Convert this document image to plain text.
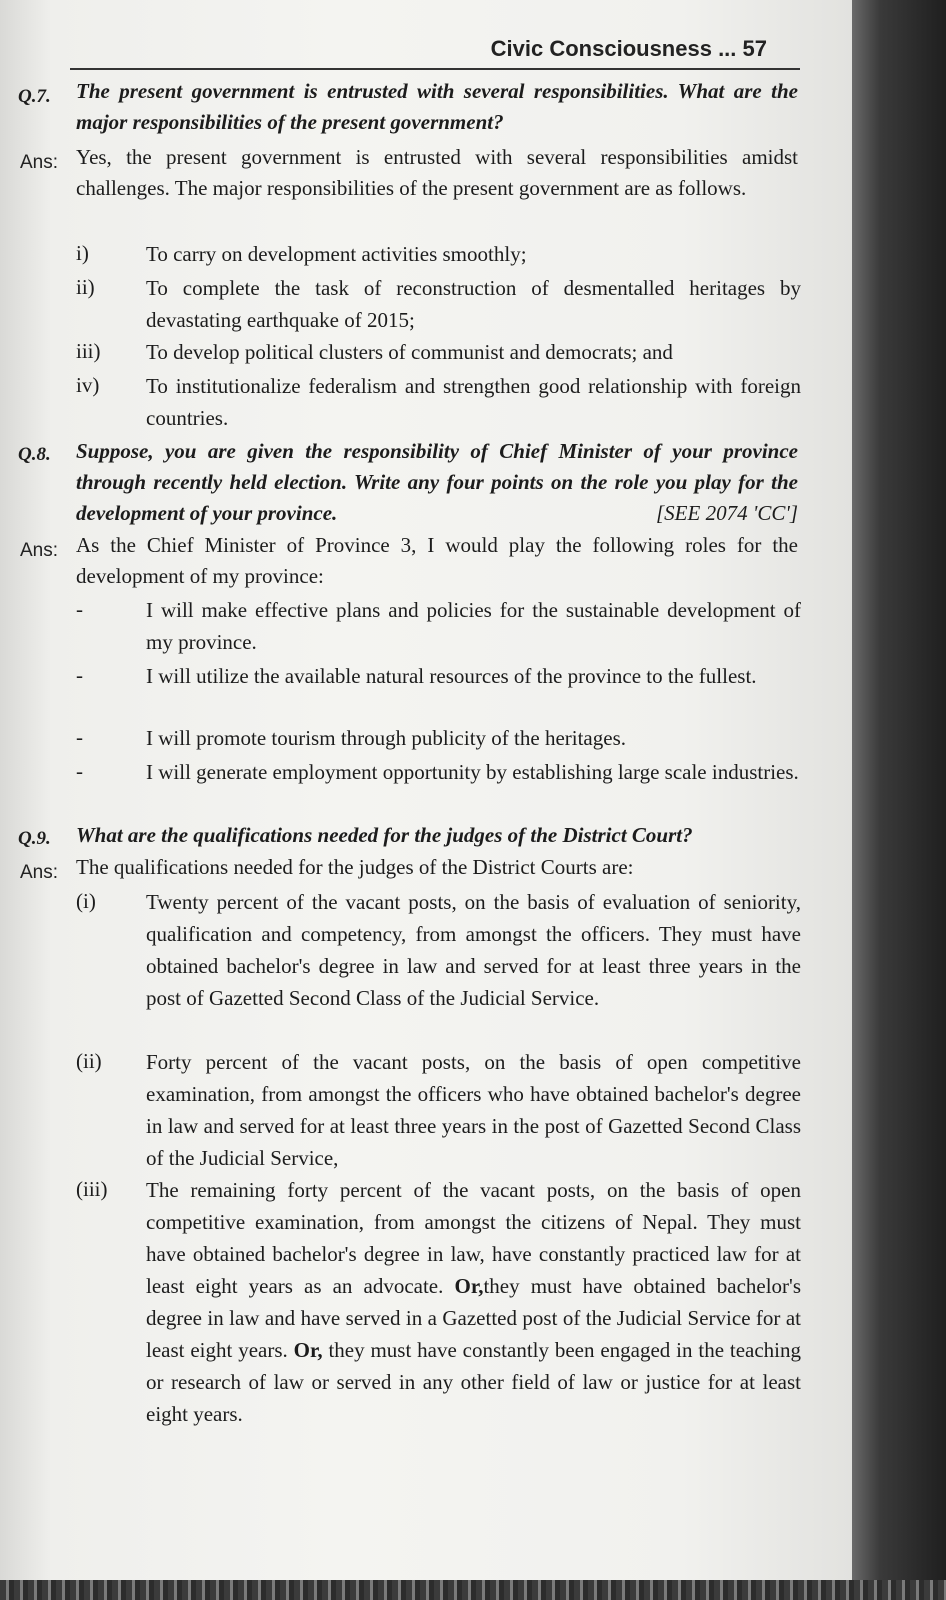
Civic Consciousness ... 57
Q.7. The present government is entrusted with several responsibilities. What are the major responsibilities of the present government?
Ans: Yes, the present government is entrusted with several responsibilities amidst challenges. The major responsibilities of the present government are as follows.
i)	To carry on development activities smoothly;
ii) To complete the task of reconstruction of desmentalled heritages by devastating earthquake of 2015;
iii) To develop political clusters of communist and democrats; and
iv) To institutionalize federalism and strengthen good relationship with foreign countries.
Q.8. Suppose, you are given the responsibility of Chief Minister of your province through recently held election. Write any four points on the role you play for the development of your province.	[SEE 2074 'CC']
Ans: As the Chief Minister of Province 3, I would play the following roles for the development of my province:
-	I will make effective plans and policies for the sustainable development of my province.
-	I will utilize the available natural resources of the province to the fullest.
-	I will promote tourism through publicity of the heritages.
-	I will generate employment opportunity by establishing large scale industries.
Q.9. What are the qualifications needed for the judges of the District Court?
Ans: The qualifications needed for the judges of the District Courts are:
(i) Twenty percent of the vacant posts, on the basis of evaluation of seniority, qualification and competency, from amongst the officers. They must have obtained bachelor's degree in law and served for at least three years in the post of Gazetted Second Class of the Judicial Service.
(ii) Forty percent of the vacant posts, on the basis of open competitive examination, from amongst the officers who have obtained bachelor's degree in law and served for at least three years in the post of Gazetted Second Class of the Judicial Service,
(iii) The remaining forty percent of the vacant posts, on the basis of open competitive examination, from amongst the citizens of Nepal. They must have obtained bachelor's degree in law, have constantly practiced law for at least eight years as an advocate. Or,they must have obtained bachelor's degree in law and have served in a Gazetted post of the Judicial Service for at least eight years. Or, they must have constantly been engaged in the teaching or research of law or served in any other field of law or justice for at least eight years.
